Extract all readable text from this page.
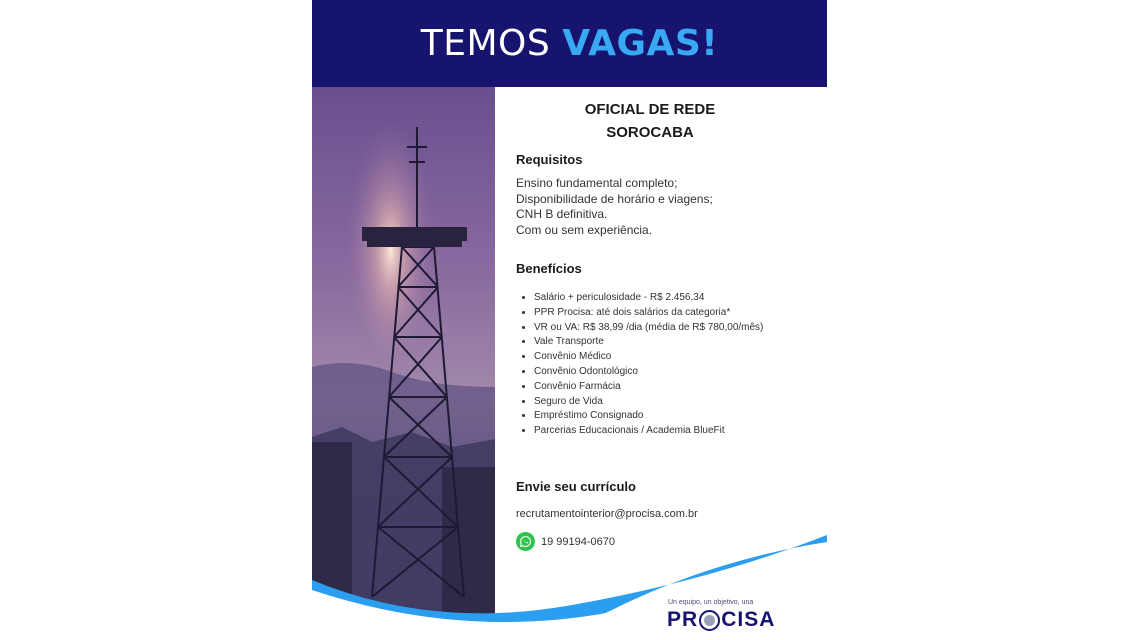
TEMOS VAGAS!
OFICIAL DE REDE
SOROCABA
Requisitos
Ensino fundamental completo;
Disponibilidade de horário e viagens;
CNH B definitiva.
Com ou sem experiência.
Benefícios
• Salário + periculosidade - R$ 2.456,34
• PPR Procisa: até dois salários da categoria*
• VR ou VA: R$ 38,99 /dia (média de R$ 780,00/mês)
• Vale Transporte
• Convênio Médico
• Convênio Odontológico
• Convênio Farmácia
• Seguro de Vida
• Empréstimo Consignado
• Parcerias Educacionais / Academia BlueFit
Envie seu currículo
recrutamentointerior@procisa.com.br
19 99194-0670
Un equipo, un objetivo, una
PR CISA
